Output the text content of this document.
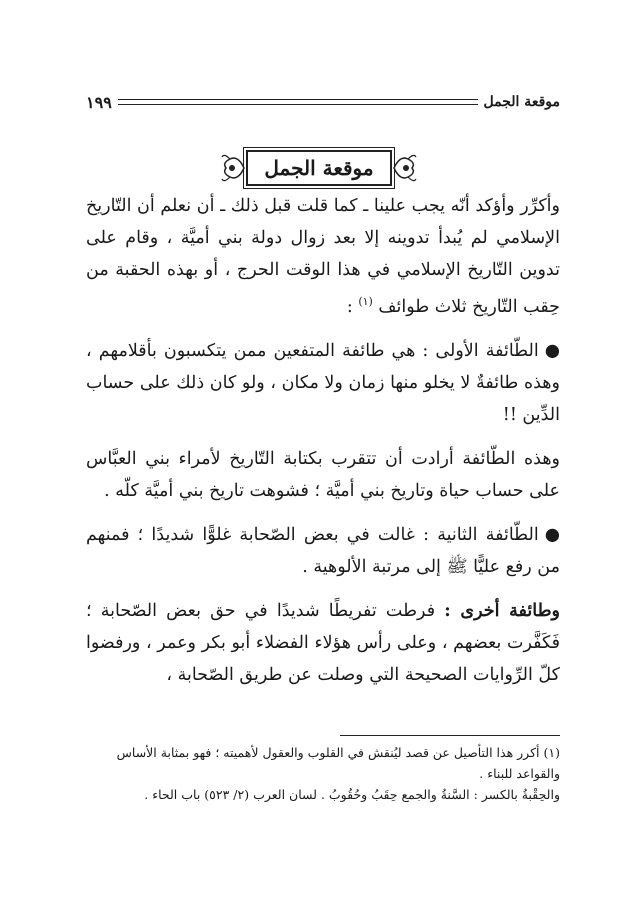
موقعة الجمل
١٩٩
موقعة الجمل

وأكرِّر وأؤكد أنّه يجب علينا ـ كما قلت قبل ذلك ـ أن نعلم أن التّاريخ الإسلامي لم يُبدأ تدوينه إلا بعد زوال دولة بني أميَّة ، وقام على تدوين التّاريخ الإسلامي في هذا الوقت الحرج ، أو بهذه الحقبة من حِقب التّاريخ ثلاث طوائف $^{(١)}$ :

●الطّائفة الأولى : هي طائفة المتفعين ممن يتكسبون بأقلامهم ، وهذه طائفةٌ لا يخلو منها زمان ولا مكان ، ولو كان ذلك على حساب الدِّين !!

وهذه الطّائفة أرادت أن تتقرب بكتابة التّاريخ لأمراء بني العبَّاس على حساب حياة وتاريخ بني أميَّة ؛ فشوهت تاريخ بني أميَّة كلّه .

●الطّائفة الثانية : غالت في بعض الصّحابة غلوًّا شديدًا ؛ فمنهم من رفع عليًّا ﷺ إلى مرتبة الألوهية .

وطائفة أخرى : فرطت تفريطًا شديدًا في حق بعض الصّحابة ؛ فَكَفَّرت بعضهم ، وعلى رأس هؤلاء الفضلاء أبو بكر وعمر ، ورفضوا كلّ الرِّوايات الصحيحة التي وصلت عن طريق الصّحابة ،

(١)أكرر هذا التأصيل عن قصد ليُنقش في القلوب والعقول لأهميته ؛ فهو بمثابة الأساس والقواعد للبناء .

والحِقْبةُ بالكسر : السَّنةُ والجمع حِقَبُ وحُقُوبُ . لسان العرب (٢/ ٥٢٣) باب الحاء .
